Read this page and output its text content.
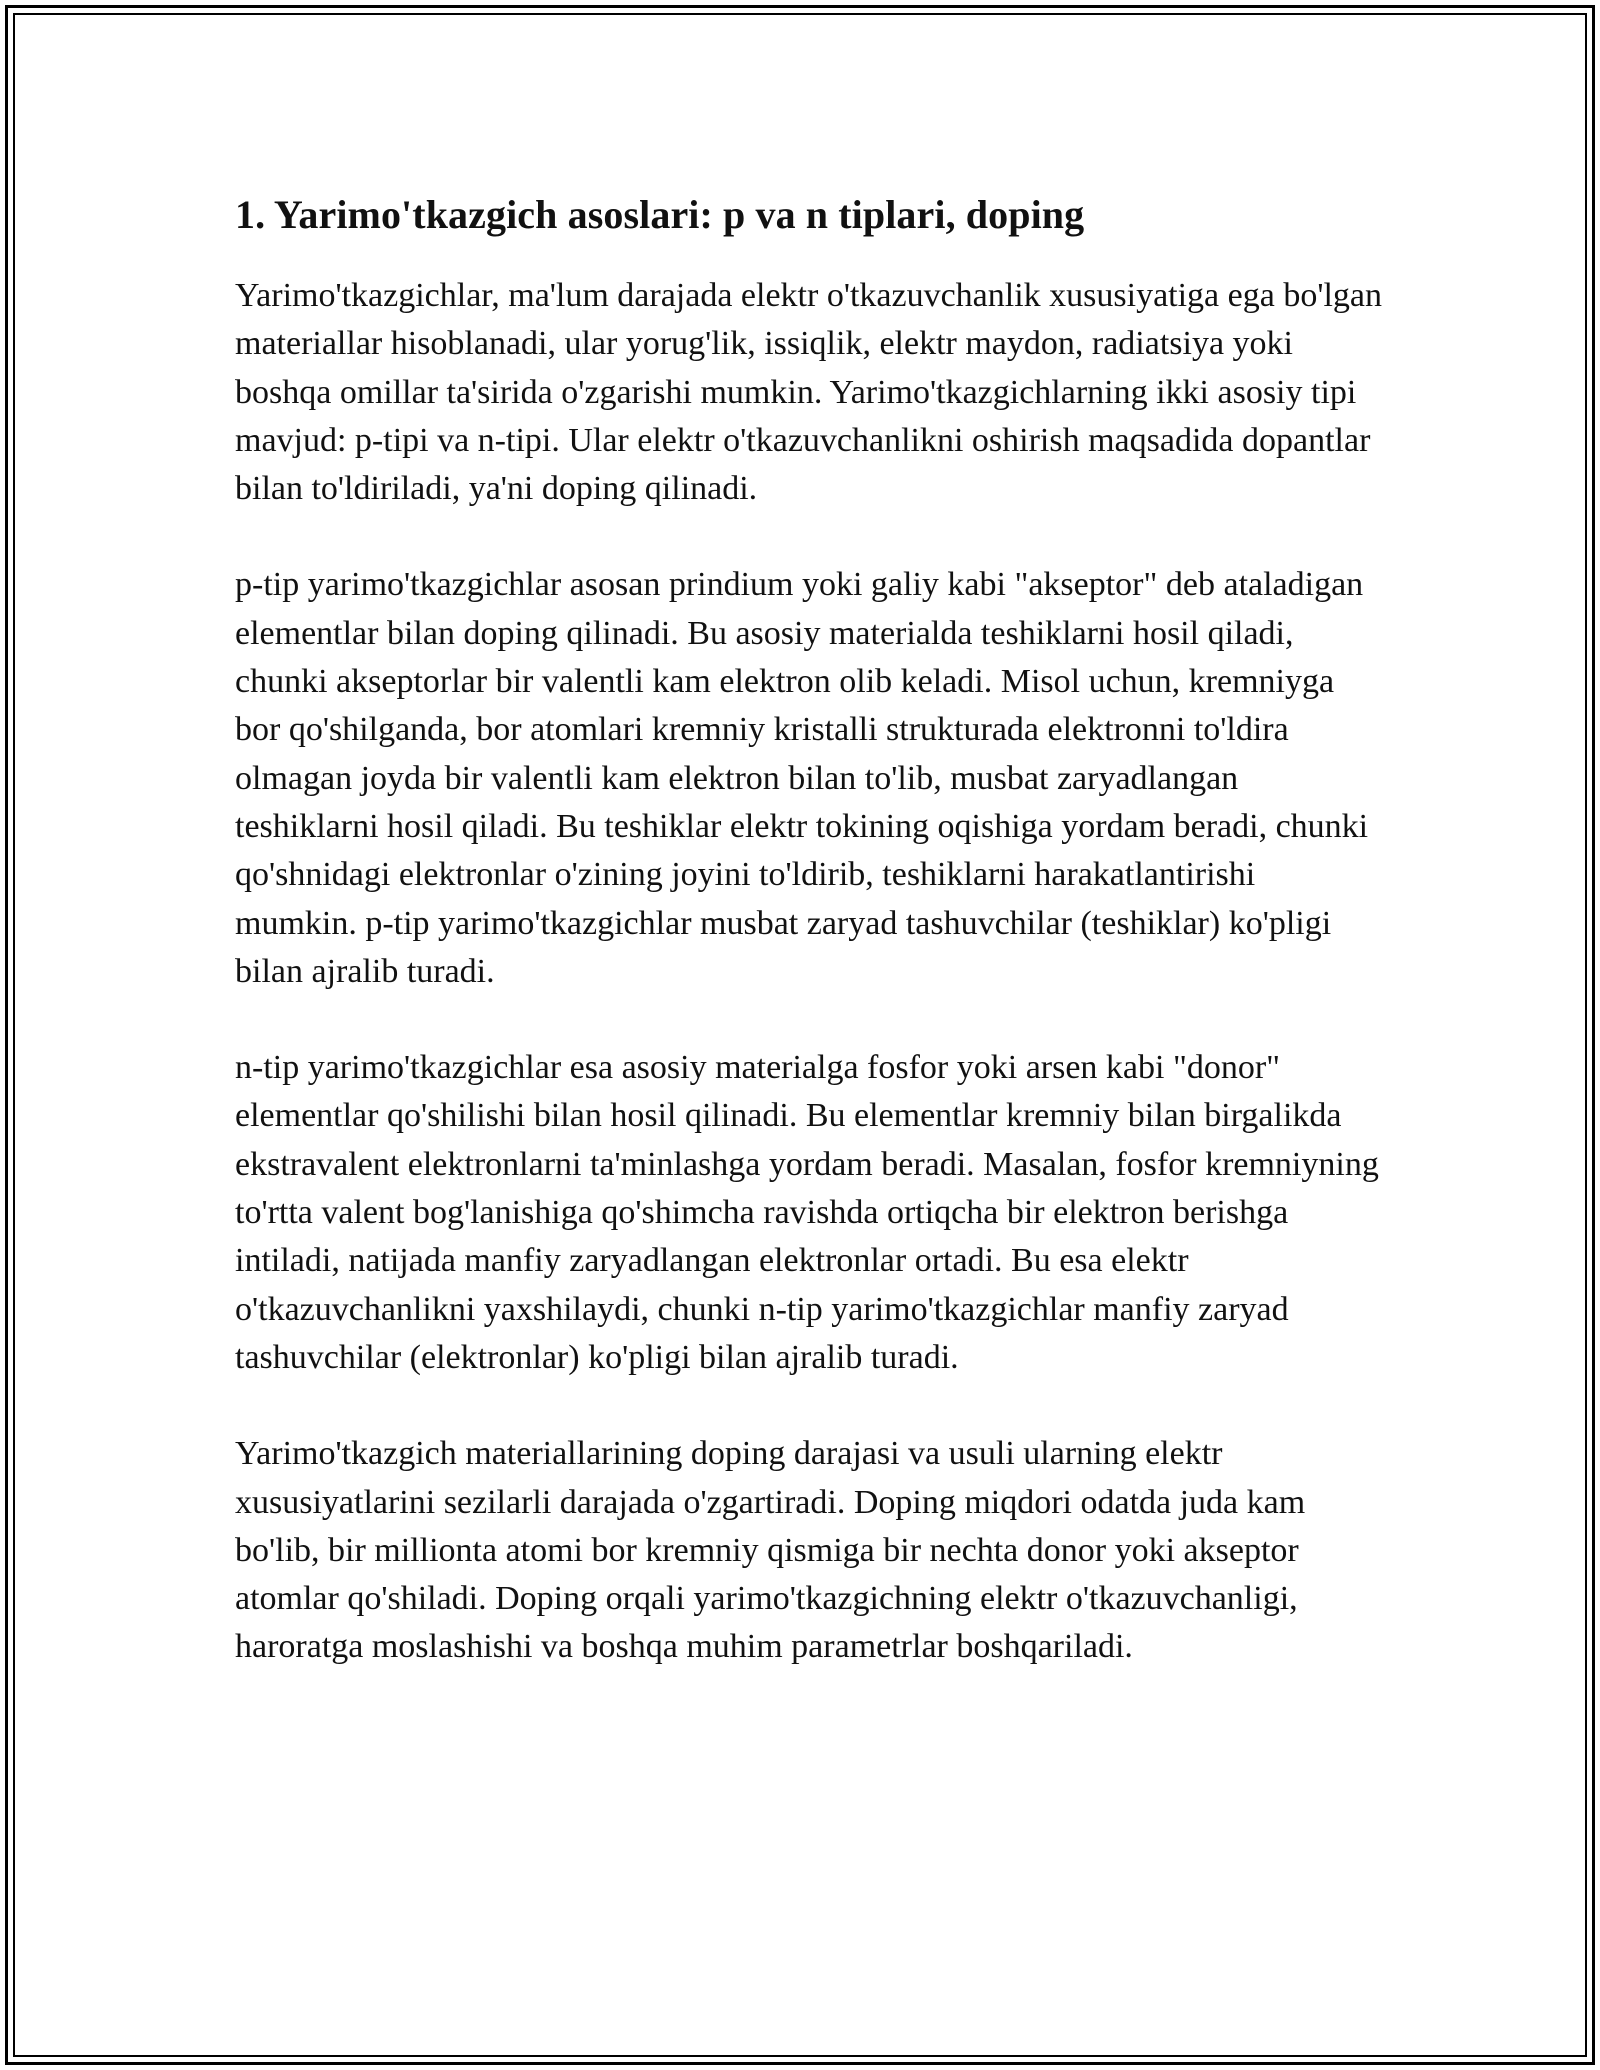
1. Yarimo'tkazgich asoslari: p va n tiplari, doping

Yarimo'tkazgichlar, ma'lum darajada elektr o'tkazuvchanlik xususiyatiga ega bo'lgan materiallar hisoblanadi, ular yorug'lik, issiqlik, elektr maydon, radiatsiya yoki boshqa omillar ta'sirida o'zgarishi mumkin. Yarimo'tkazgichlarning ikki asosiy tipi mavjud: p-tipi va n-tipi. Ular elektr o'tkazuvchanlikni oshirish maqsadida dopantlar bilan to'ldiriladi, ya'ni doping qilinadi.

p-tip yarimo'tkazgichlar asosan prindium yoki galiy kabi "akseptor" deb ataladigan elementlar bilan doping qilinadi. Bu asosiy materialda teshiklarni hosil qiladi, chunki akseptorlar bir valentli kam elektron olib keladi. Misol uchun, kremniyga bor qo'shilganda, bor atomlari kremniy kristalli strukturada elektronni to'ldira olmagan joyda bir valentli kam elektron bilan to'lib, musbat zaryadlangan teshiklarni hosil qiladi. Bu teshiklar elektr tokining oqishiga yordam beradi, chunki qo'shnidagi elektronlar o'zining joyini to'ldirib, teshiklarni harakatlantirishi mumkin. p-tip yarimo'tkazgichlar musbat zaryad tashuvchilar (teshiklar) ko'pligi bilan ajralib turadi.

n-tip yarimo'tkazgichlar esa asosiy materialga fosfor yoki arsen kabi "donor" elementlar qo'shilishi bilan hosil qilinadi. Bu elementlar kremniy bilan birgalikda ekstravalent elektronlarni ta'minlashga yordam beradi. Masalan, fosfor kremniyning to'rtta valent bog'lanishiga qo'shimcha ravishda ortiqcha bir elektron berishga intiladi, natijada manfiy zaryadlangan elektronlar ortadi. Bu esa elektr o'tkazuvchanlikni yaxshilaydi, chunki n-tip yarimo'tkazgichlar manfiy zaryad tashuvchilar (elektronlar) ko'pligi bilan ajralib turadi.

Yarimo'tkazgich materiallarining doping darajasi va usuli ularning elektr xususiyatlarini sezilarli darajada o'zgartiradi. Doping miqdori odatda juda kam bo'lib, bir millionta atomi bor kremniy qismiga bir nechta donor yoki akseptor atomlar qo'shiladi. Doping orqali yarimo'tkazgichning elektr o'tkazuvchanligi, haroratga moslashishi va boshqa muhim parametrlar boshqariladi.
